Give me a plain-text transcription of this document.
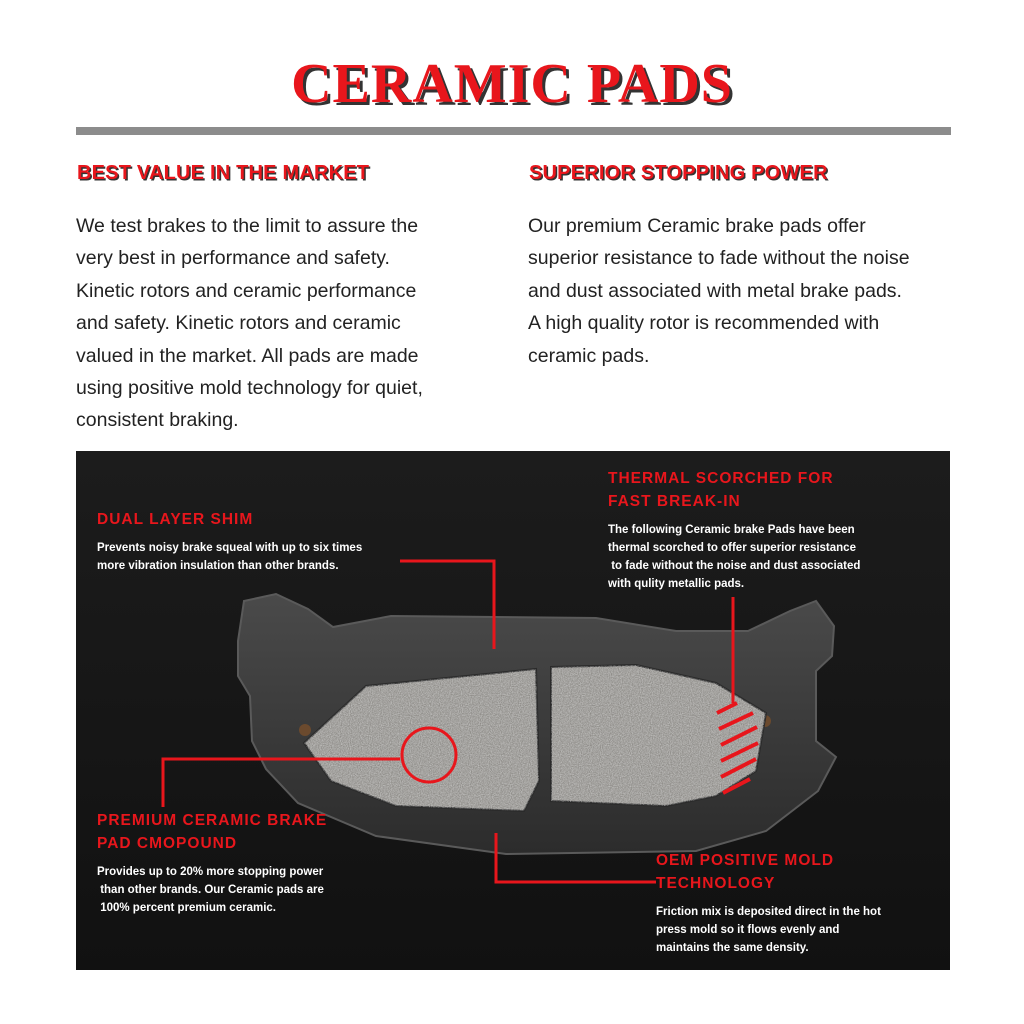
CERAMIC PADS
BEST VALUE IN THE MARKET

We test brakes to the limit to assure the

very best in performance and safety.

Kinetic rotors and ceramic performance

and safety. Kinetic rotors and ceramic

valued in the market. All pads are made

using positive mold technology for quiet,

consistent braking.

SUPERIOR STOPPING POWER

Our premium Ceramic brake pads offer

superior resistance to fade without the noise

and dust associated with metal brake pads.

A high quality rotor is recommended with

ceramic pads.

DUAL LAYER SHIM
Prevents noisy brake squeal with up to six times
more vibration insulation than other brands.
THERMAL SCORCHED FOR
FAST BREAK-IN
The following Ceramic brake Pads have been
thermal scorched to offer superior resistance
to fade without the noise and dust associated
with qulity metallic pads.
PREMIUM CERAMIC BRAKE
PAD CMOPOUND
Provides up to 20% more stopping power
than other brands. Our Ceramic pads are
100% percent premium ceramic.
OEM POSITIVE MOLD
TECHNOLOGY
Friction mix is deposited direct in the hot
press mold so it flows evenly and
maintains the same density.
